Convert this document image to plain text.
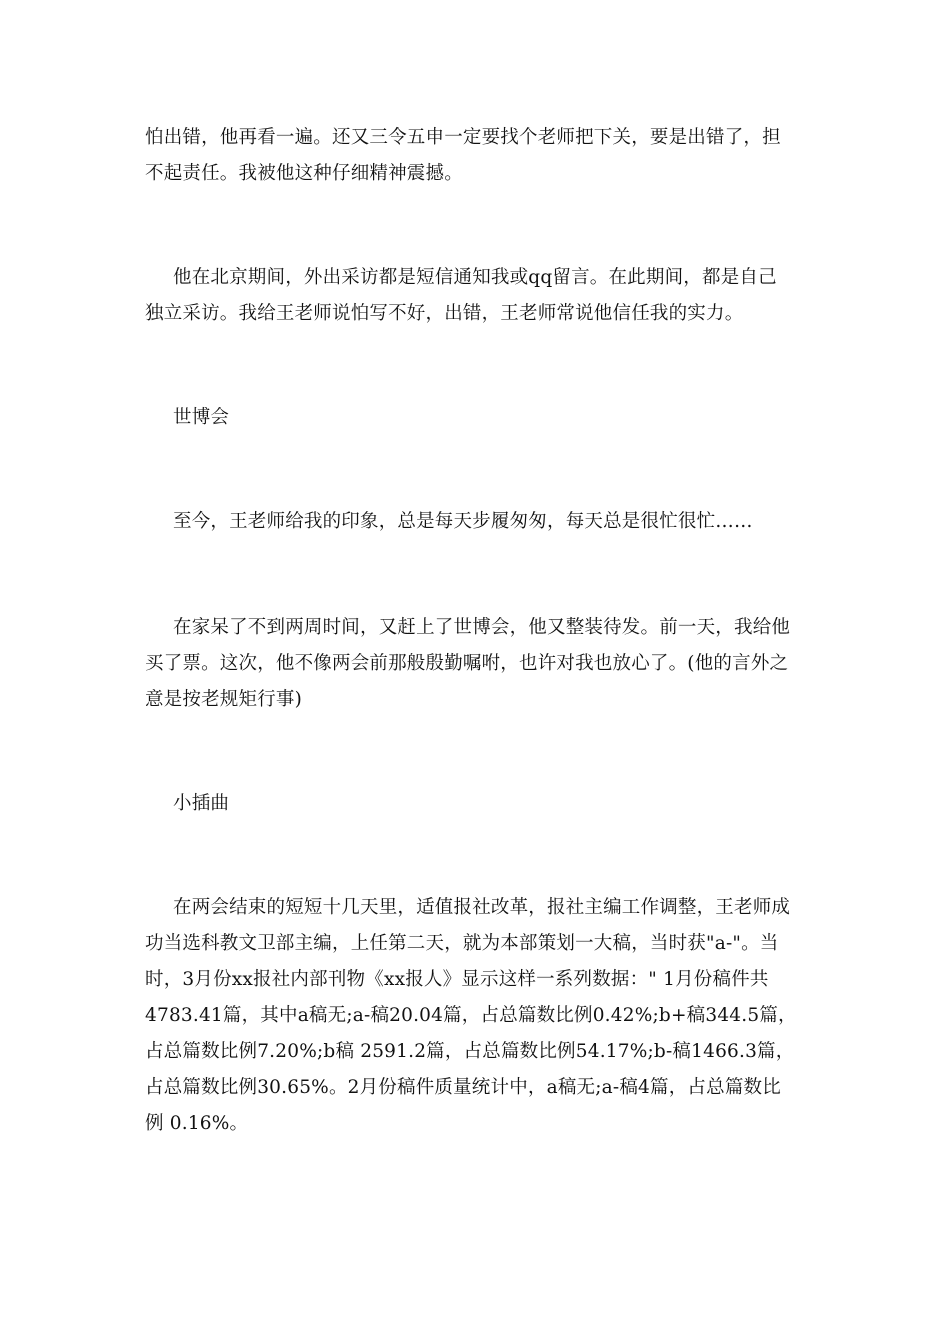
怕出错，他再看一遍。还又三令五申一定要找个老师把下关，要是出错了，担
不起责任。我被他这种仔细精神震撼。
他在北京期间，外出采访都是短信通知我或qq留言。在此期间，都是自己
独立采访。我给王老师说怕写不好，出错，王老师常说他信任我的实力。
世博会
至今，王老师给我的印象，总是每天步履匆匆，每天总是很忙很忙……
在家呆了不到两周时间，又赶上了世博会，他又整装待发。前一天，我给他
买了票。这次，他不像两会前那般殷勤嘱咐，也许对我也放心了。(他的言外之
意是按老规矩行事)
小插曲
在两会结束的短短十几天里，适值报社改革，报社主编工作调整，王老师成
功当选科教文卫部主编，上任第二天，就为本部策划一大稿，当时获"a-"。当
时，3月份xx报社内部刊物《xx报人》显示这样一系列数据：" 1月份稿件共
4783.41篇，其中a稿无;a-稿20.04篇，占总篇数比例0.42%;b+稿344.5篇，
占总篇数比例7.20%;b稿 2591.2篇，占总篇数比例54.17%;b-稿1466.3篇，
占总篇数比例30.65%。2月份稿件质量统计中，a稿无;a-稿4篇，占总篇数比
例 0.16%。
